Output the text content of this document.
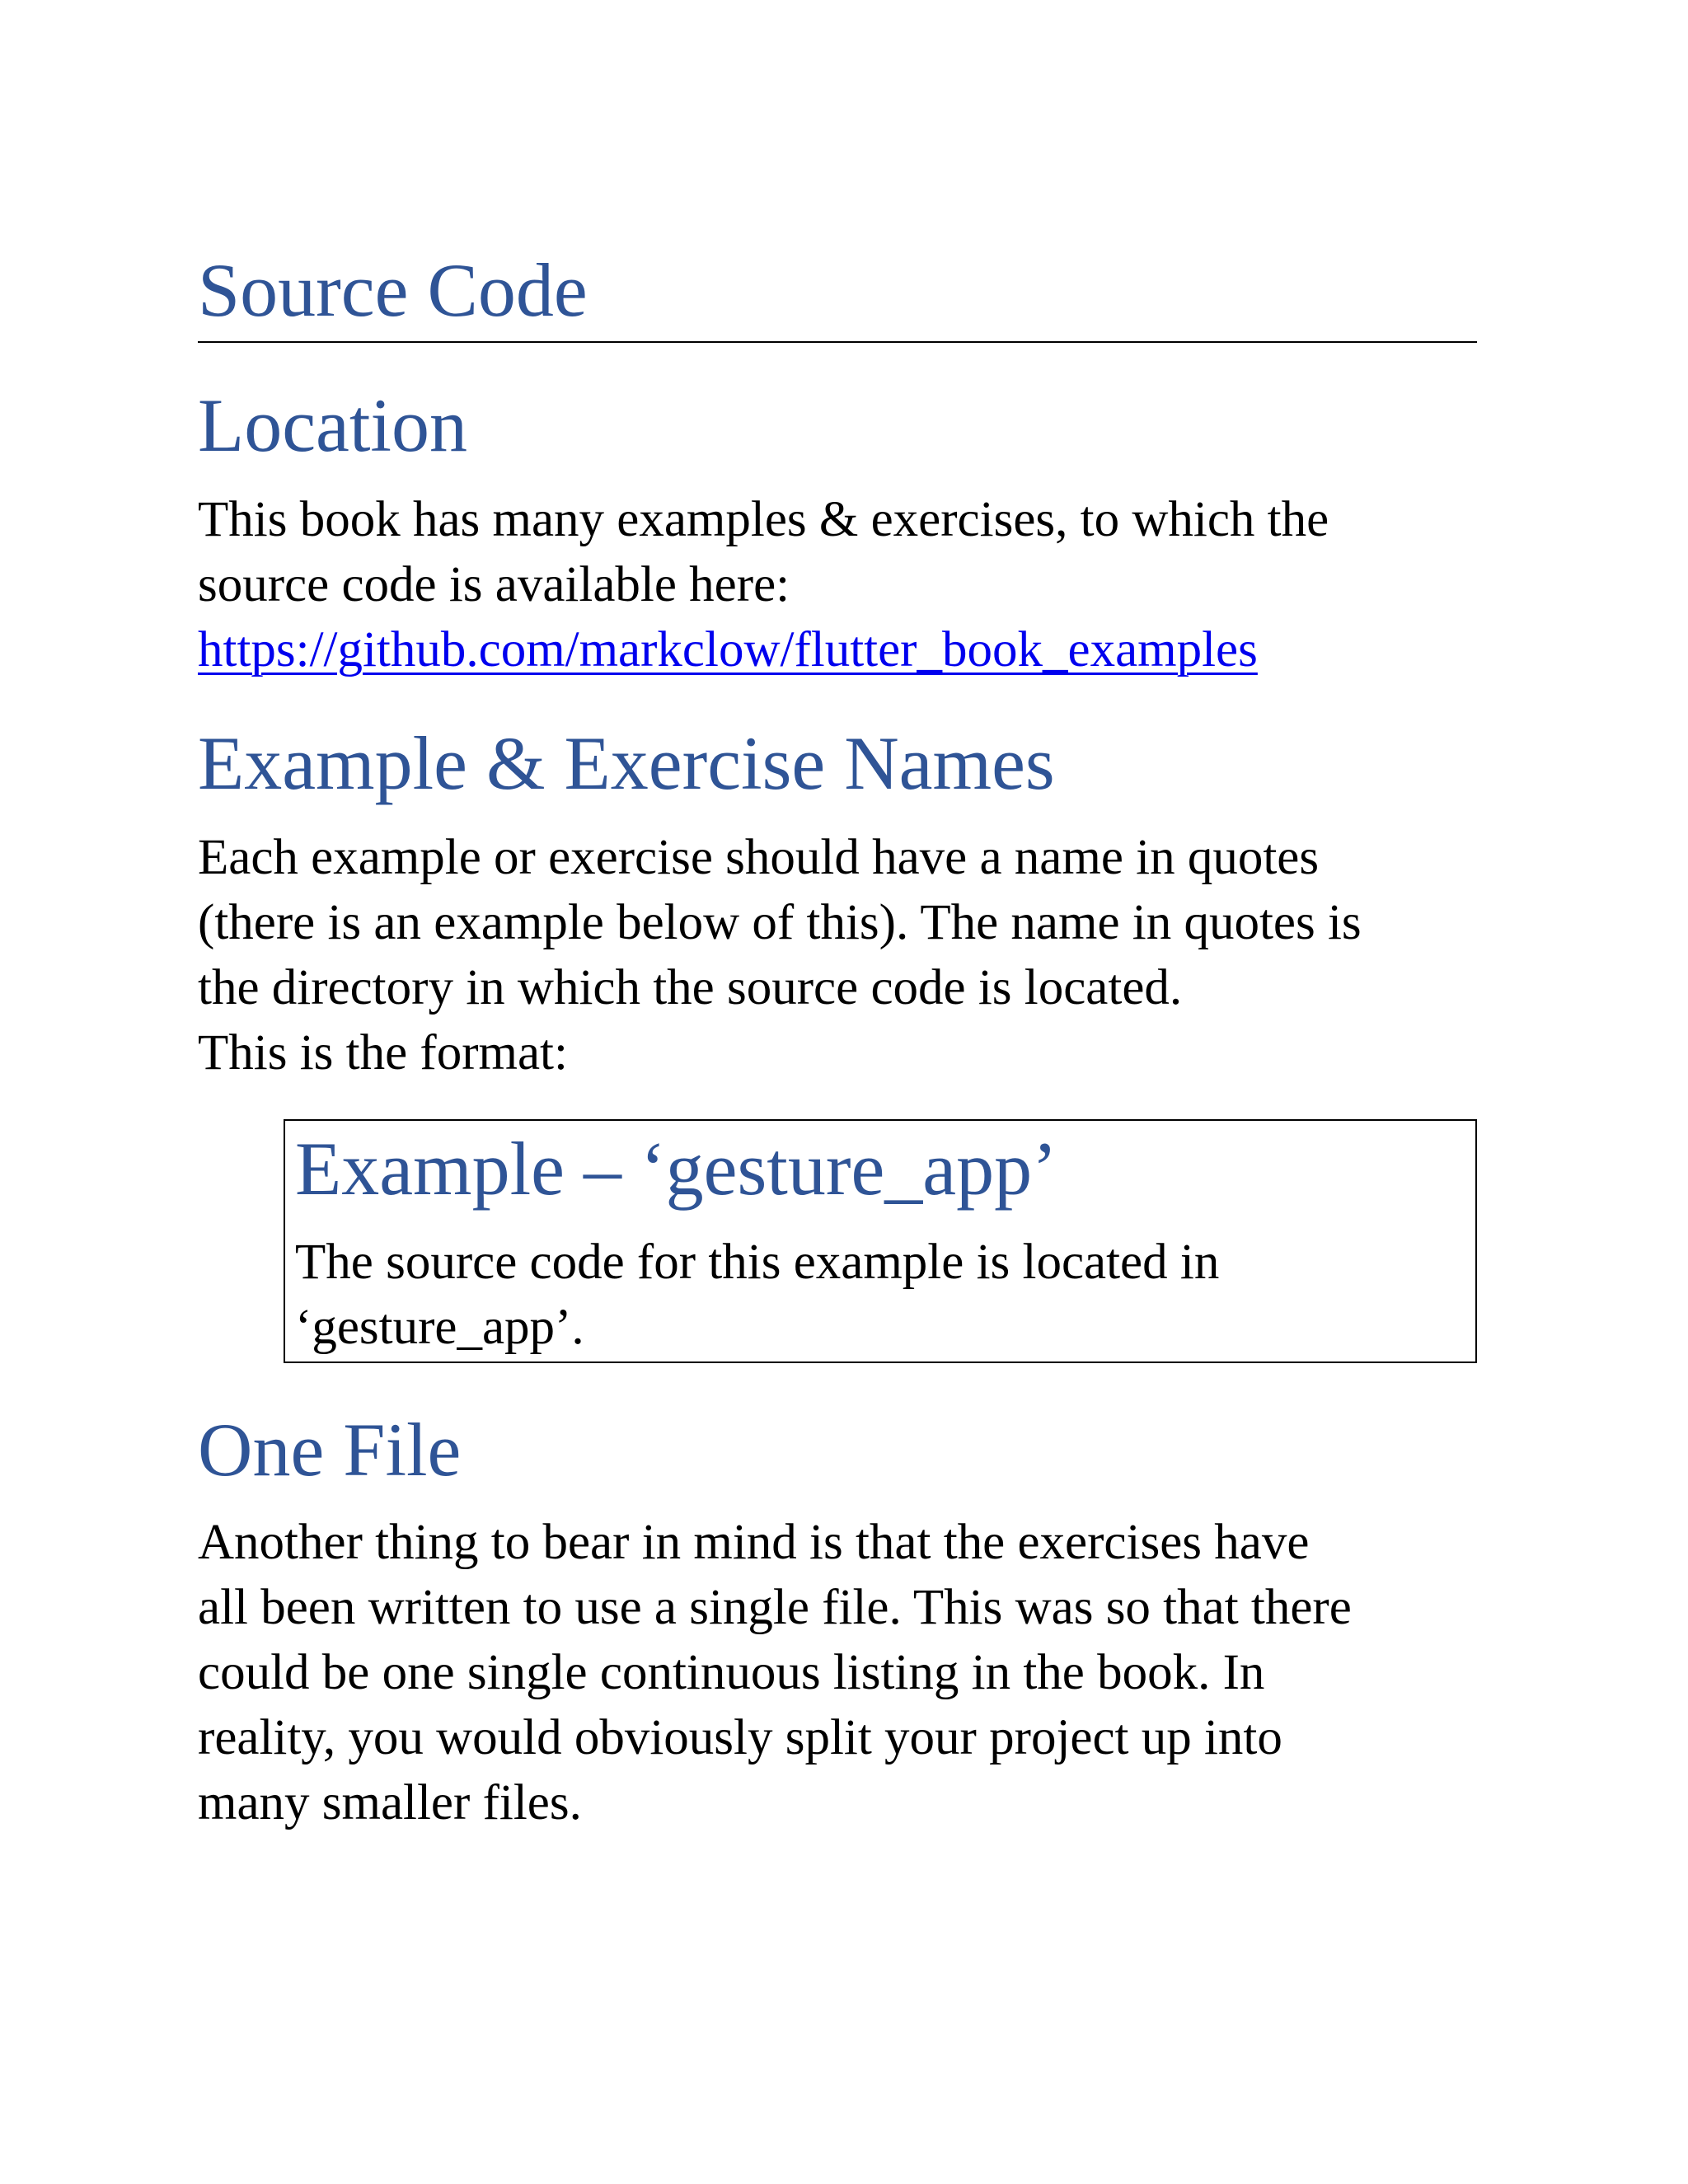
Source Code
Location
This book has many examples & exercises, to which the
source code is available here:
https://github.com/markclow/flutter_book_examples
Example & Exercise Names
Each example or exercise should have a name in quotes
(there is an example below of this). The name in quotes is
the directory in which the source code is located.
This is the format:
Example – ‘gesture_app’
The source code for this example is located in
‘gesture_app’.
One File
Another thing to bear in mind is that the exercises have
all been written to use a single file. This was so that there
could be one single continuous listing in the book. In
reality, you would obviously split your project up into
many smaller files.
